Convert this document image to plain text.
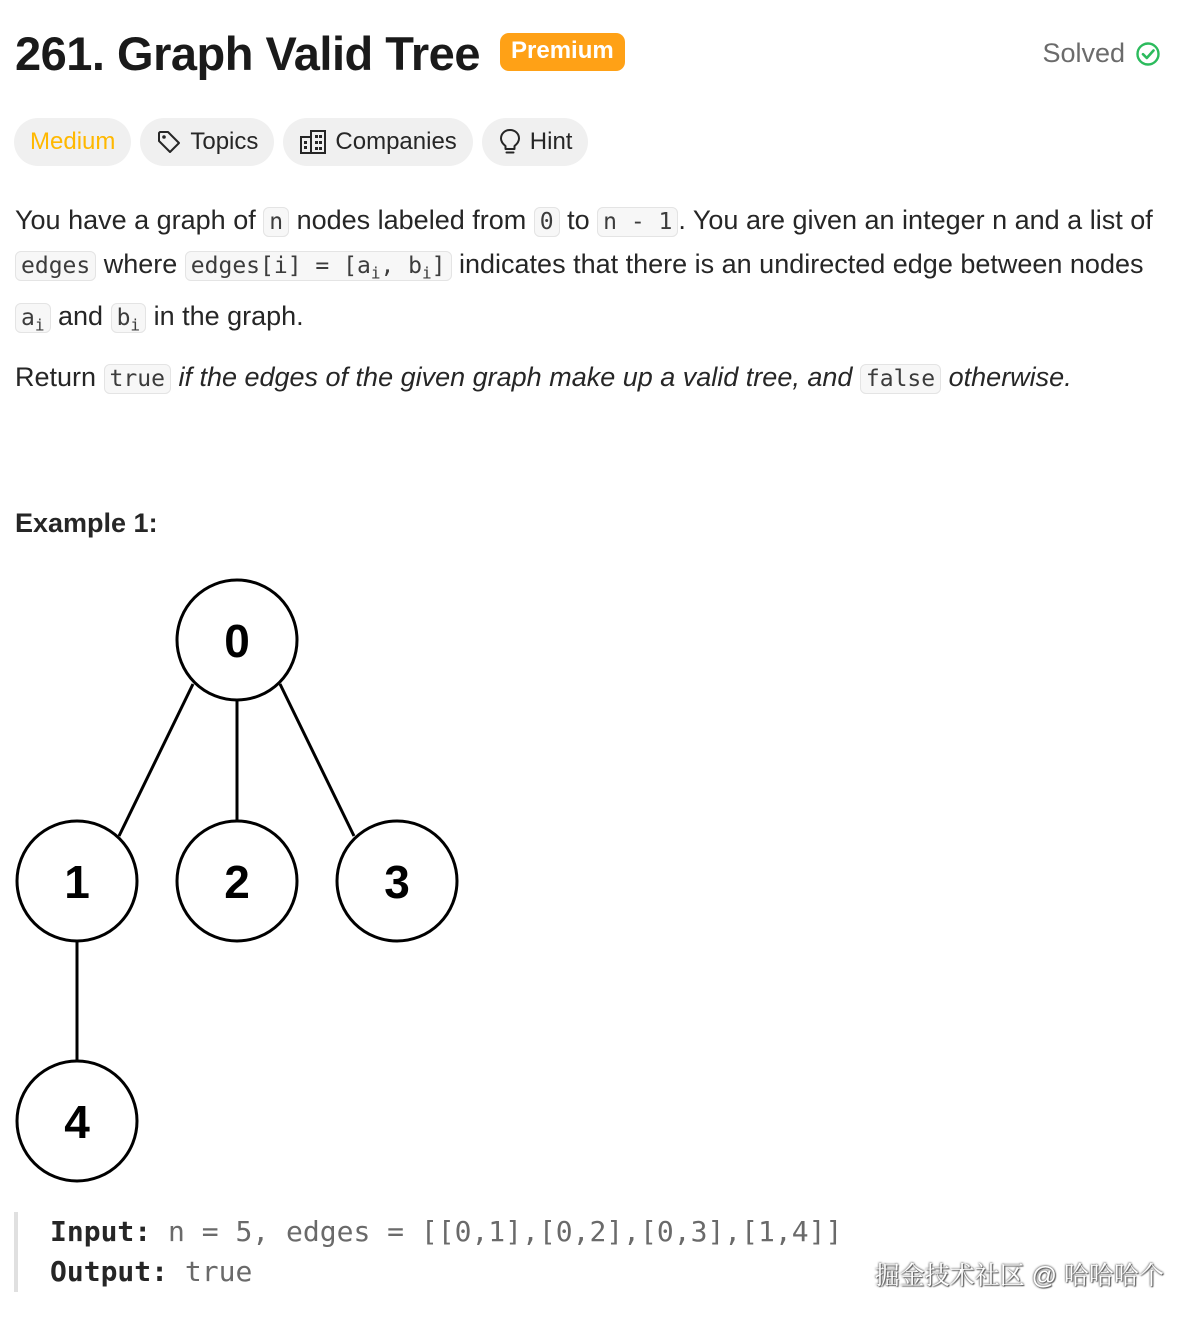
261. Graph Valid Tree	Premium	Solved
Medium	Topics	Companies	Hint

You have a graph of n nodes labeled from 0 to n - 1 . You are given an integer n and a list of edges where edges[i] = [$a_i$, $b_i$] indicates that there is an undirected edge between nodes $a_i$ and $b_i$ in the graph.

Return true if the edges of the given graph make up a valid tree, and false otherwise.
Example 1:
0
1	2	3
4
Input: n = 5, edges = [[0,1],[0,2],[0,3],[1,4]]
Output: true	掘金技术社区 @ 哈哈哈个
